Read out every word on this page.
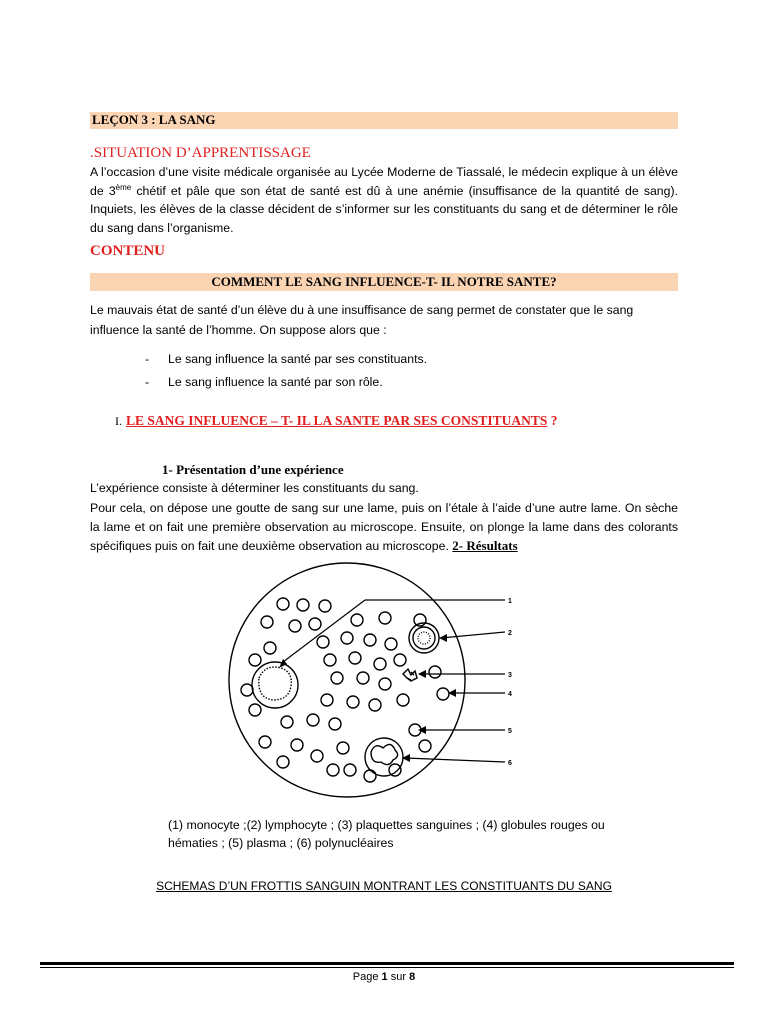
LEÇON 3 : LA SANG
.SITUATION D’APPRENTISSAGE
A l’occasion d’une visite médicale organisée au Lycée Moderne de Tiassalé, le médecin explique à un élève de 3ème chétif et pâle que son état de santé est dû à une anémie (insuffisance de la quantité de sang). Inquiets, les élèves de la classe décident de s’informer sur les constituants du sang et de déterminer le rôle du sang dans l’organisme.
CONTENU
COMMENT LE SANG INFLUENCE-T- IL NOTRE SANTE?
Le mauvais état de santé d’un élève du à une insuffisance de sang permet de constater que le sang influence la santé de l’homme. On suppose alors que :
- Le sang influence la santé par ses constituants.
- Le sang influence la santé par son rôle.
I. LE SANG INFLUENCE – T- IL LA SANTE PAR SES CONSTITUANTS ?
1- Présentation d’une expérience
L’expérience consiste à déterminer les constituants du sang.
Pour cela, on dépose une goutte de sang sur une lame, puis on l’étale à l’aide d’une autre lame. On sèche la lame et on fait une première observation au microscope. Ensuite, on plonge la lame dans des colorants spécifiques puis on fait une deuxième observation au microscope. 2- Résultats
1
2
3
4
5
6
(1) monocyte ;(2) lymphocyte ; (3) plaquettes sanguines ; (4) globules rouges ou hématies ; (5) plasma ; (6) polynucléaires
SCHEMAS D’UN FROTTIS SANGUIN MONTRANT LES CONSTITUANTS DU SANG
Page 1 sur 8
